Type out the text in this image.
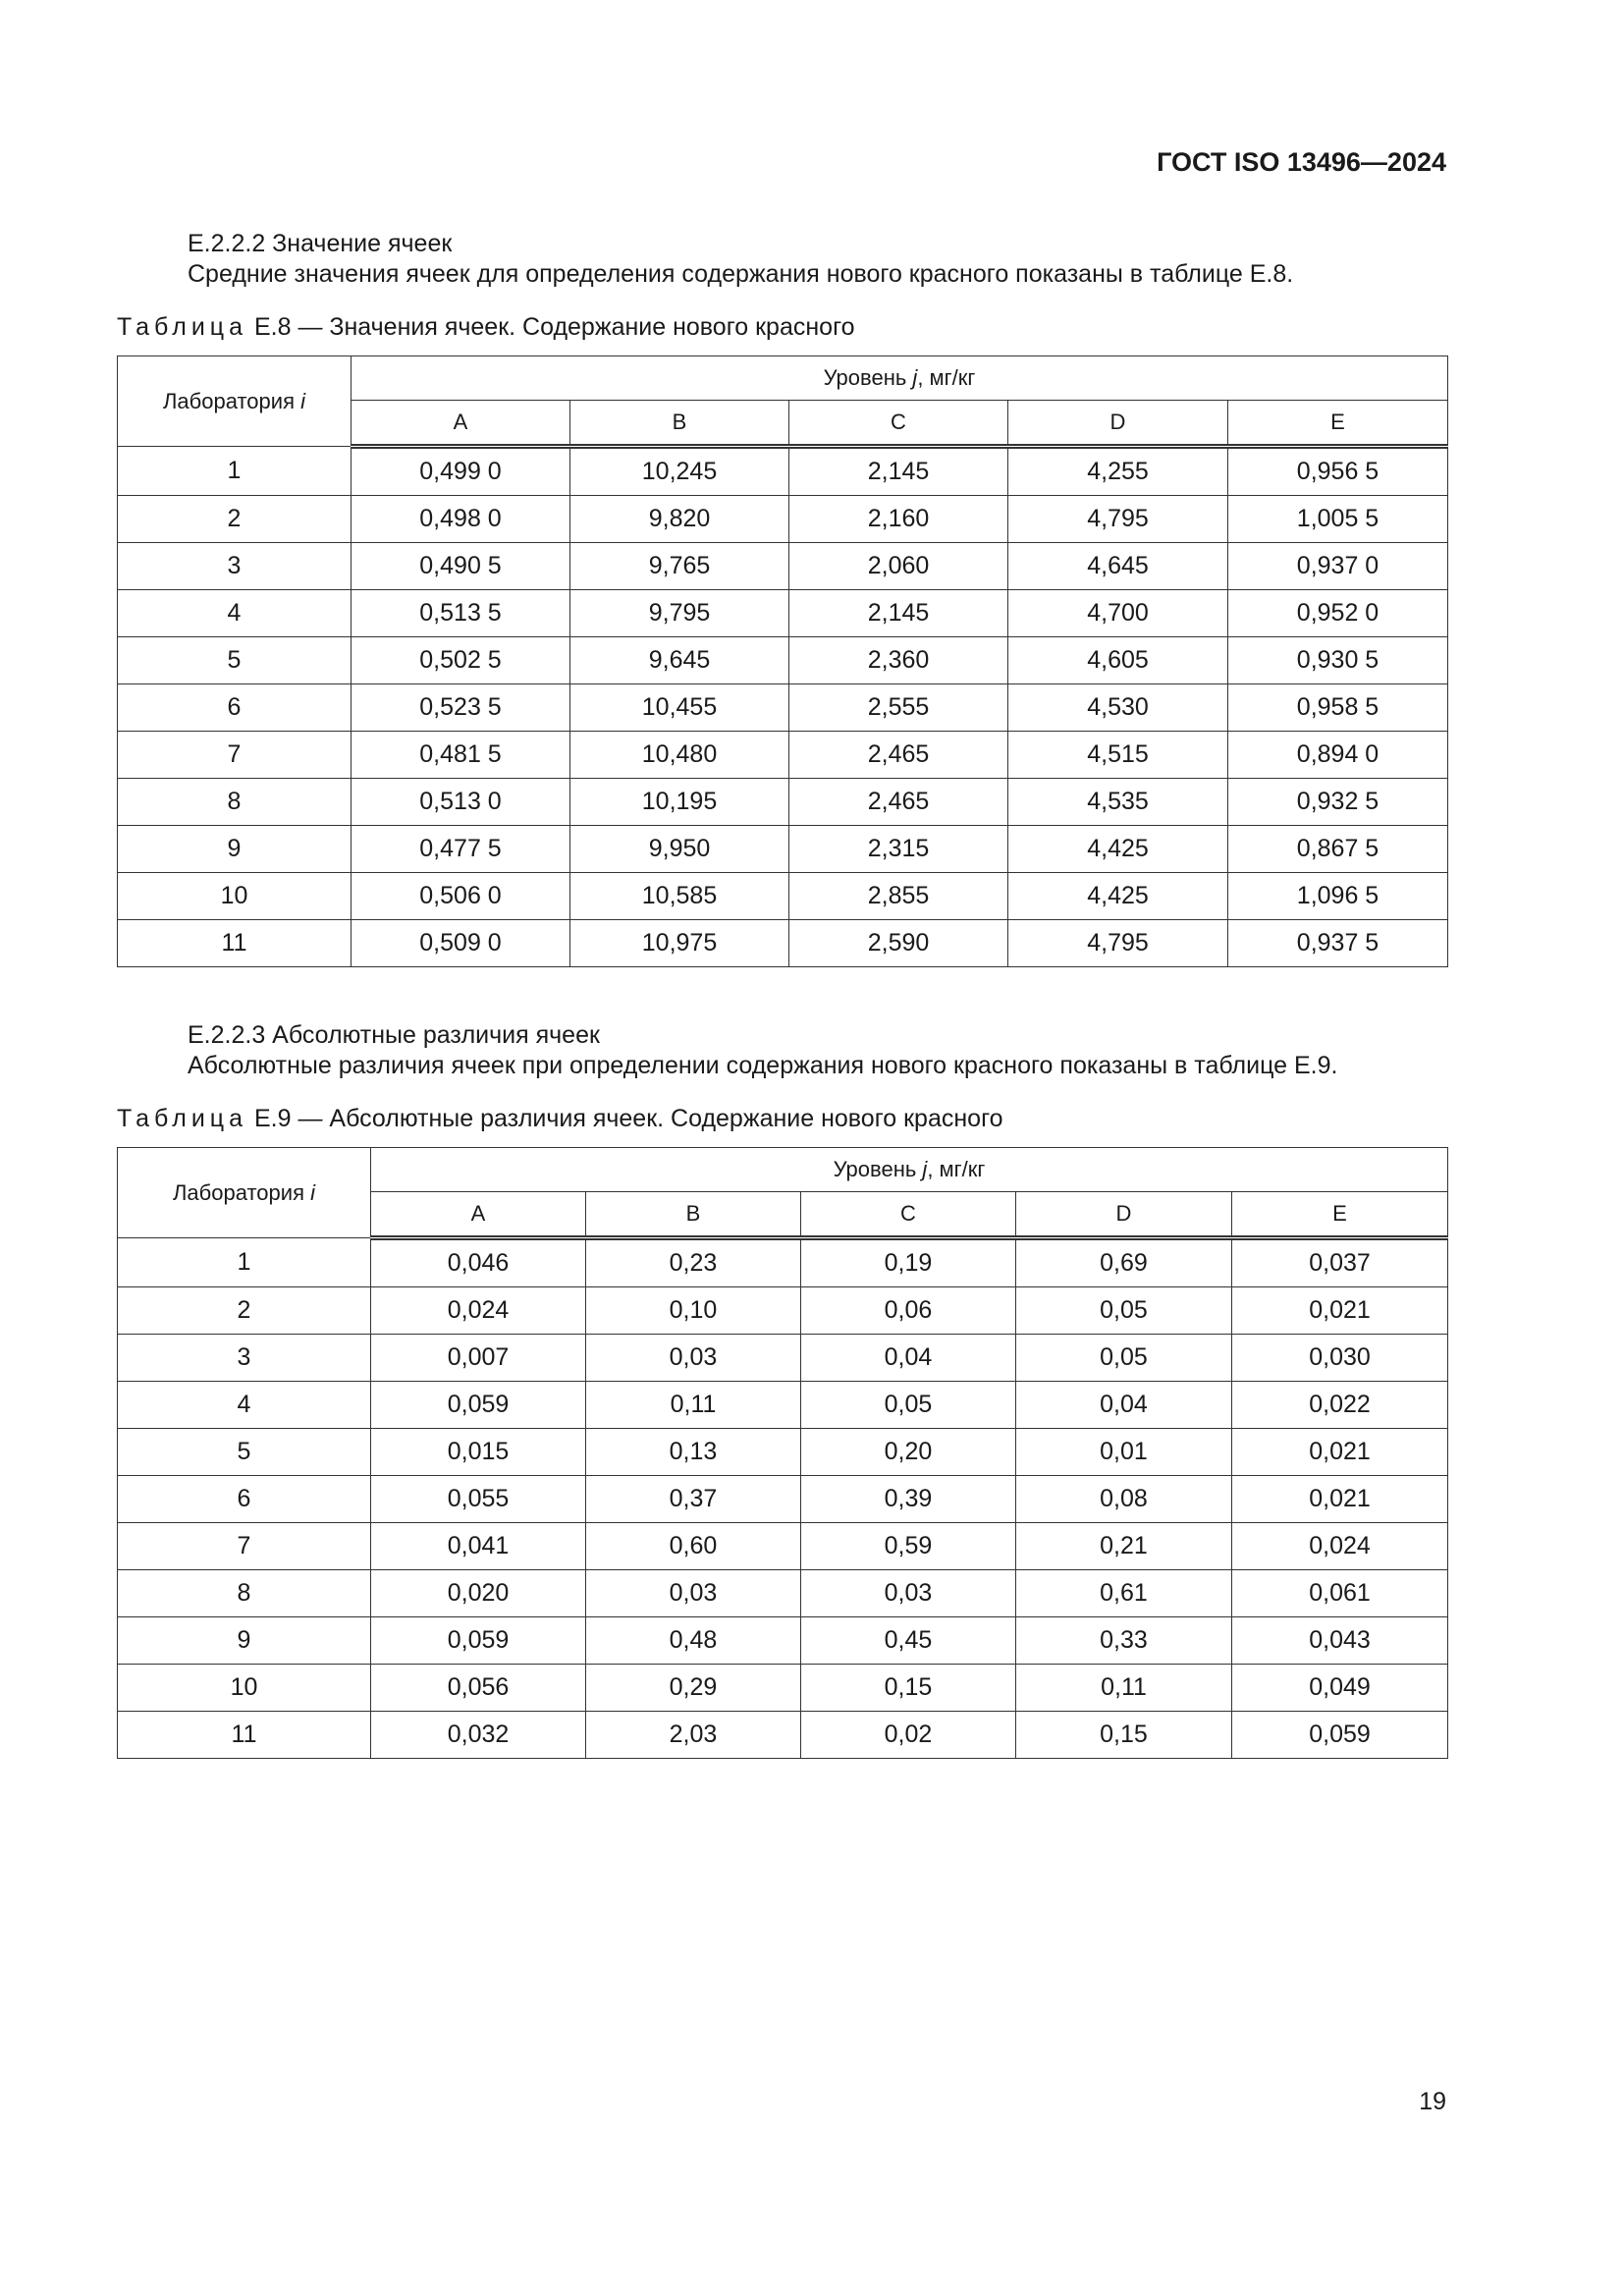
ГОСТ ISO 13496—2024
Е.2.2.2 Значение ячеек
Средние значения ячеек для определения содержания нового красного показаны в таблице Е.8.
Таблица Е.8 — Значения ячеек. Содержание нового красного
Лаборатория i	Уровень j, мг/кг				
	A	B	C	D	E
1	0,499 0	10,245	2,145	4,255	0,956 5
2	0,498 0	9,820	2,160	4,795	1,005 5
3	0,490 5	9,765	2,060	4,645	0,937 0
4	0,513 5	9,795	2,145	4,700	0,952 0
5	0,502 5	9,645	2,360	4,605	0,930 5
6	0,523 5	10,455	2,555	4,530	0,958 5
7	0,481 5	10,480	2,465	4,515	0,894 0
8	0,513 0	10,195	2,465	4,535	0,932 5
9	0,477 5	9,950	2,315	4,425	0,867 5
10	0,506 0	10,585	2,855	4,425	1,096 5
11	0,509 0	10,975	2,590	4,795	0,937 5
Е.2.2.3 Абсолютные различия ячеек
Абсолютные различия ячеек при определении содержания нового красного показаны в таблице Е.9.
Таблица Е.9 — Абсолютные различия ячеек. Содержание нового красного
Лаборатория i	Уровень j, мг/кг				
	A	B	C	D	E
1	0,046	0,23	0,19	0,69	0,037
2	0,024	0,10	0,06	0,05	0,021
3	0,007	0,03	0,04	0,05	0,030
4	0,059	0,11	0,05	0,04	0,022
5	0,015	0,13	0,20	0,01	0,021
6	0,055	0,37	0,39	0,08	0,021
7	0,041	0,60	0,59	0,21	0,024
8	0,020	0,03	0,03	0,61	0,061
9	0,059	0,48	0,45	0,33	0,043
10	0,056	0,29	0,15	0,11	0,049
11	0,032	2,03	0,02	0,15	0,059
19
